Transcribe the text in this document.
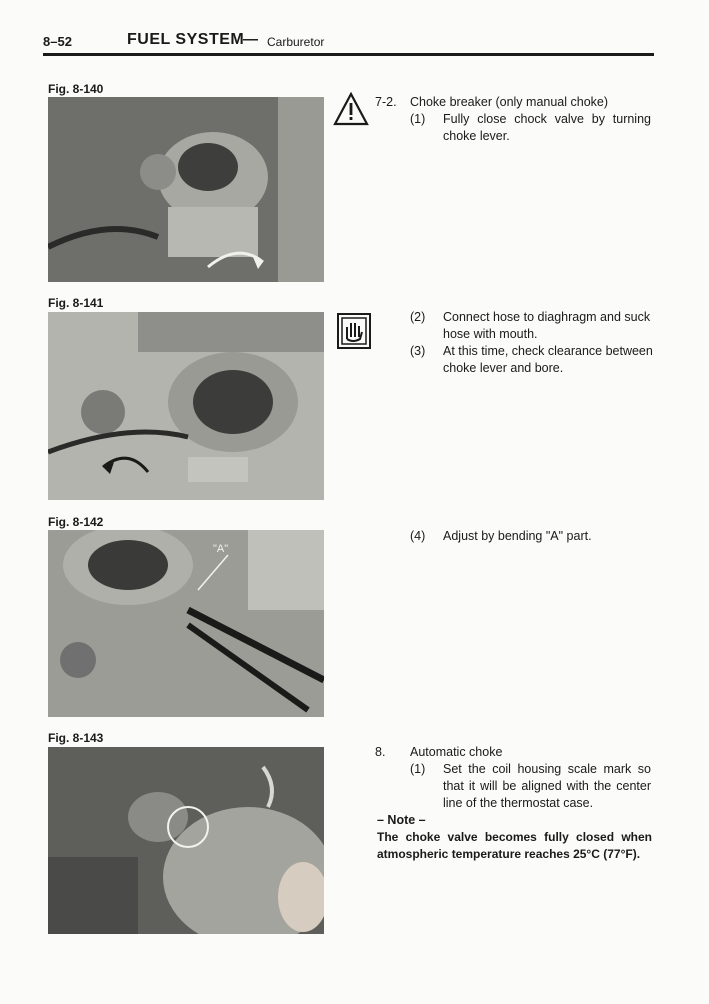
8–52	FUEL SYSTEM
— Carburetor
Fig. 8-140
Fig. 8-141
Fig. 8-142
"A"
Fig. 8-143
7-2. Choke breaker (only manual choke)
(1) Fully close chock valve by turning
choke lever.
(2) Connect hose to diaghragm and suck
hose with mouth.
(3) At this time, check clearance between
choke lever and bore.
(4) Adjust by bending "A" part.
8. Automatic choke
(1) Set the coil housing scale mark so
that it will be aligned with the center
line of the thermostat case.
– Note –
The choke valve becomes fully closed when
atmospheric temperature reaches 25°C (77°F).
